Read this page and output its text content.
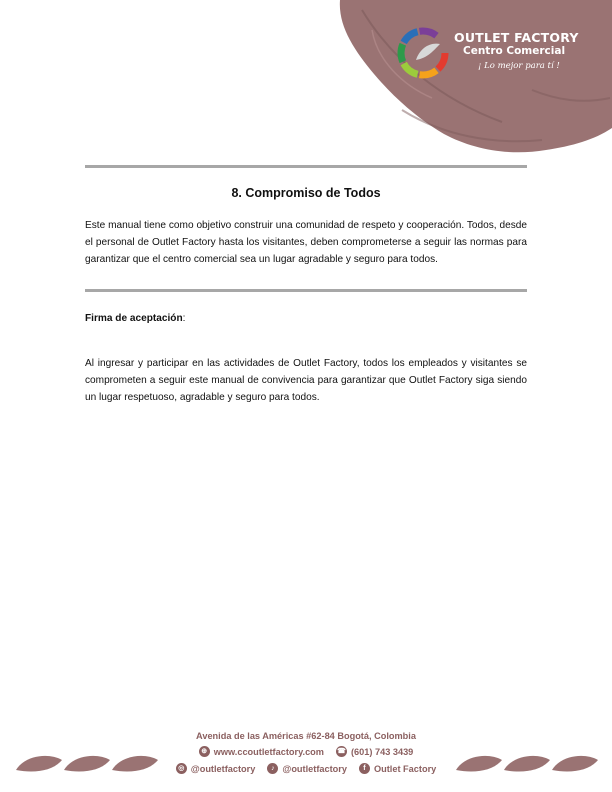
OUTLET FACTORY
Centro Comercial
¡ Lo mejor para tí !
8. Compromiso de Todos

Este manual tiene como objetivo construir una comunidad de respeto y cooperación. Todos, desde el personal de Outlet Factory hasta los visitantes, deben comprometerse a seguir las normas para garantizar que el centro comercial sea un lugar agradable y seguro para todos.

Firma de aceptación:

Al ingresar y participar en las actividades de Outlet Factory, todos los empleados y visitantes se comprometen a seguir este manual de convivencia para garantizar que Outlet Factory siga siendo un lugar respetuoso, agradable y seguro para todos.

Avenida de las Américas #62-84 Bogotá, Colombia
⊕ www.ccoutletfactory.com ☎ (601) 743 3439
◎ @outletfactory	♪ @outletfactory	f Outlet Factory
